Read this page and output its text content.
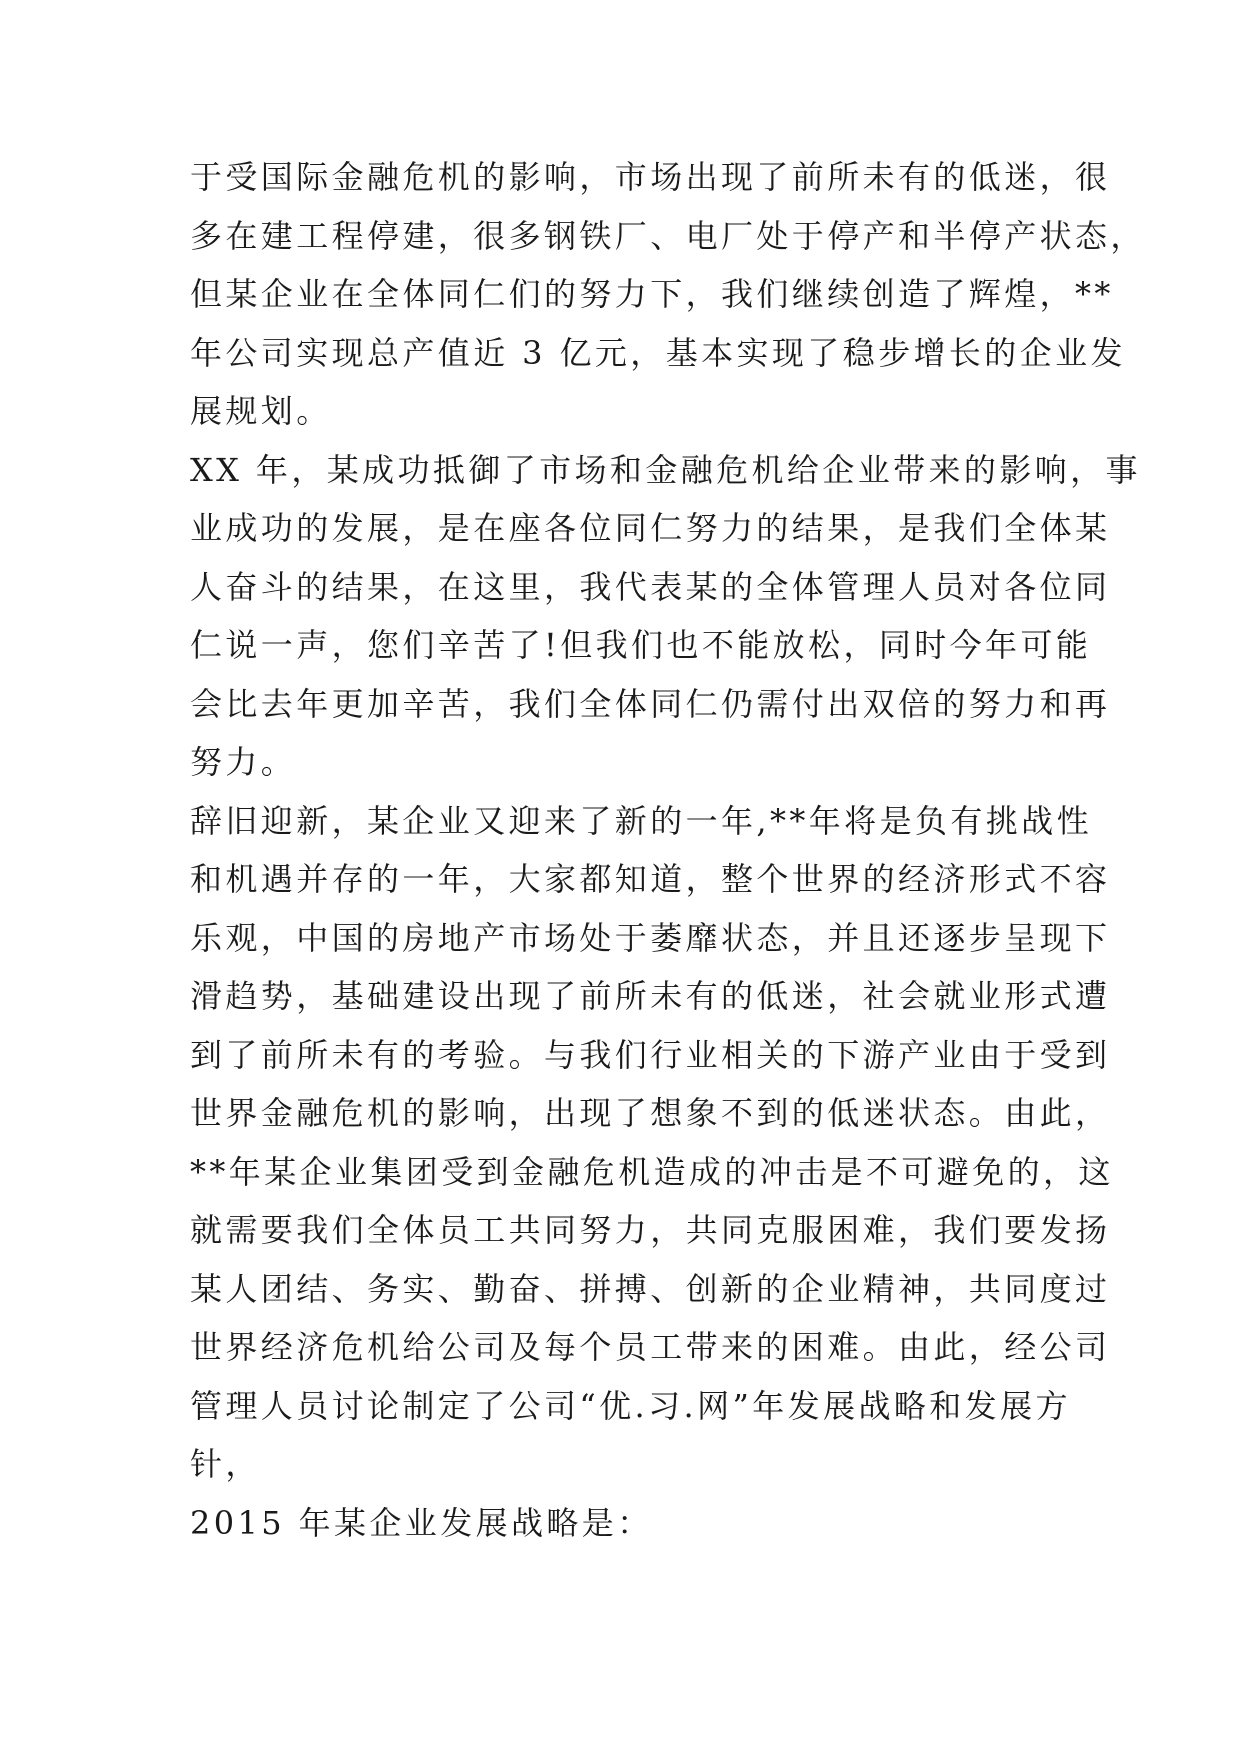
于受国际金融危机的影响，市场出现了前所未有的低迷，很
多在建工程停建，很多钢铁厂、电厂处于停产和半停产状态，
但某企业在全体同仁们的努力下，我们继续创造了辉煌，**
年公司实现总产值近 3 亿元，基本实现了稳步增长的企业发
展规划。
XX 年，某成功抵御了市场和金融危机给企业带来的影响，事
业成功的发展，是在座各位同仁努力的结果，是我们全体某
人奋斗的结果，在这里，我代表某的全体管理人员对各位同
仁说一声，您们辛苦了!但我们也不能放松，同时今年可能
会比去年更加辛苦，我们全体同仁仍需付出双倍的努力和再
努力。
辞旧迎新，某企业又迎来了新的一年,**年将是负有挑战性
和机遇并存的一年，大家都知道，整个世界的经济形式不容
乐观，中国的房地产市场处于萎靡状态，并且还逐步呈现下
滑趋势，基础建设出现了前所未有的低迷，社会就业形式遭
到了前所未有的考验。与我们行业相关的下游产业由于受到
世界金融危机的影响，出现了想象不到的低迷状态。由此，
**年某企业集团受到金融危机造成的冲击是不可避免的，这
就需要我们全体员工共同努力，共同克服困难，我们要发扬
某人团结、务实、勤奋、拼搏、创新的企业精神，共同度过
世界经济危机给公司及每个员工带来的困难。由此，经公司
管理人员讨论制定了公司“优.习.网”年发展战略和发展方
针，
2015 年某企业发展战略是：
